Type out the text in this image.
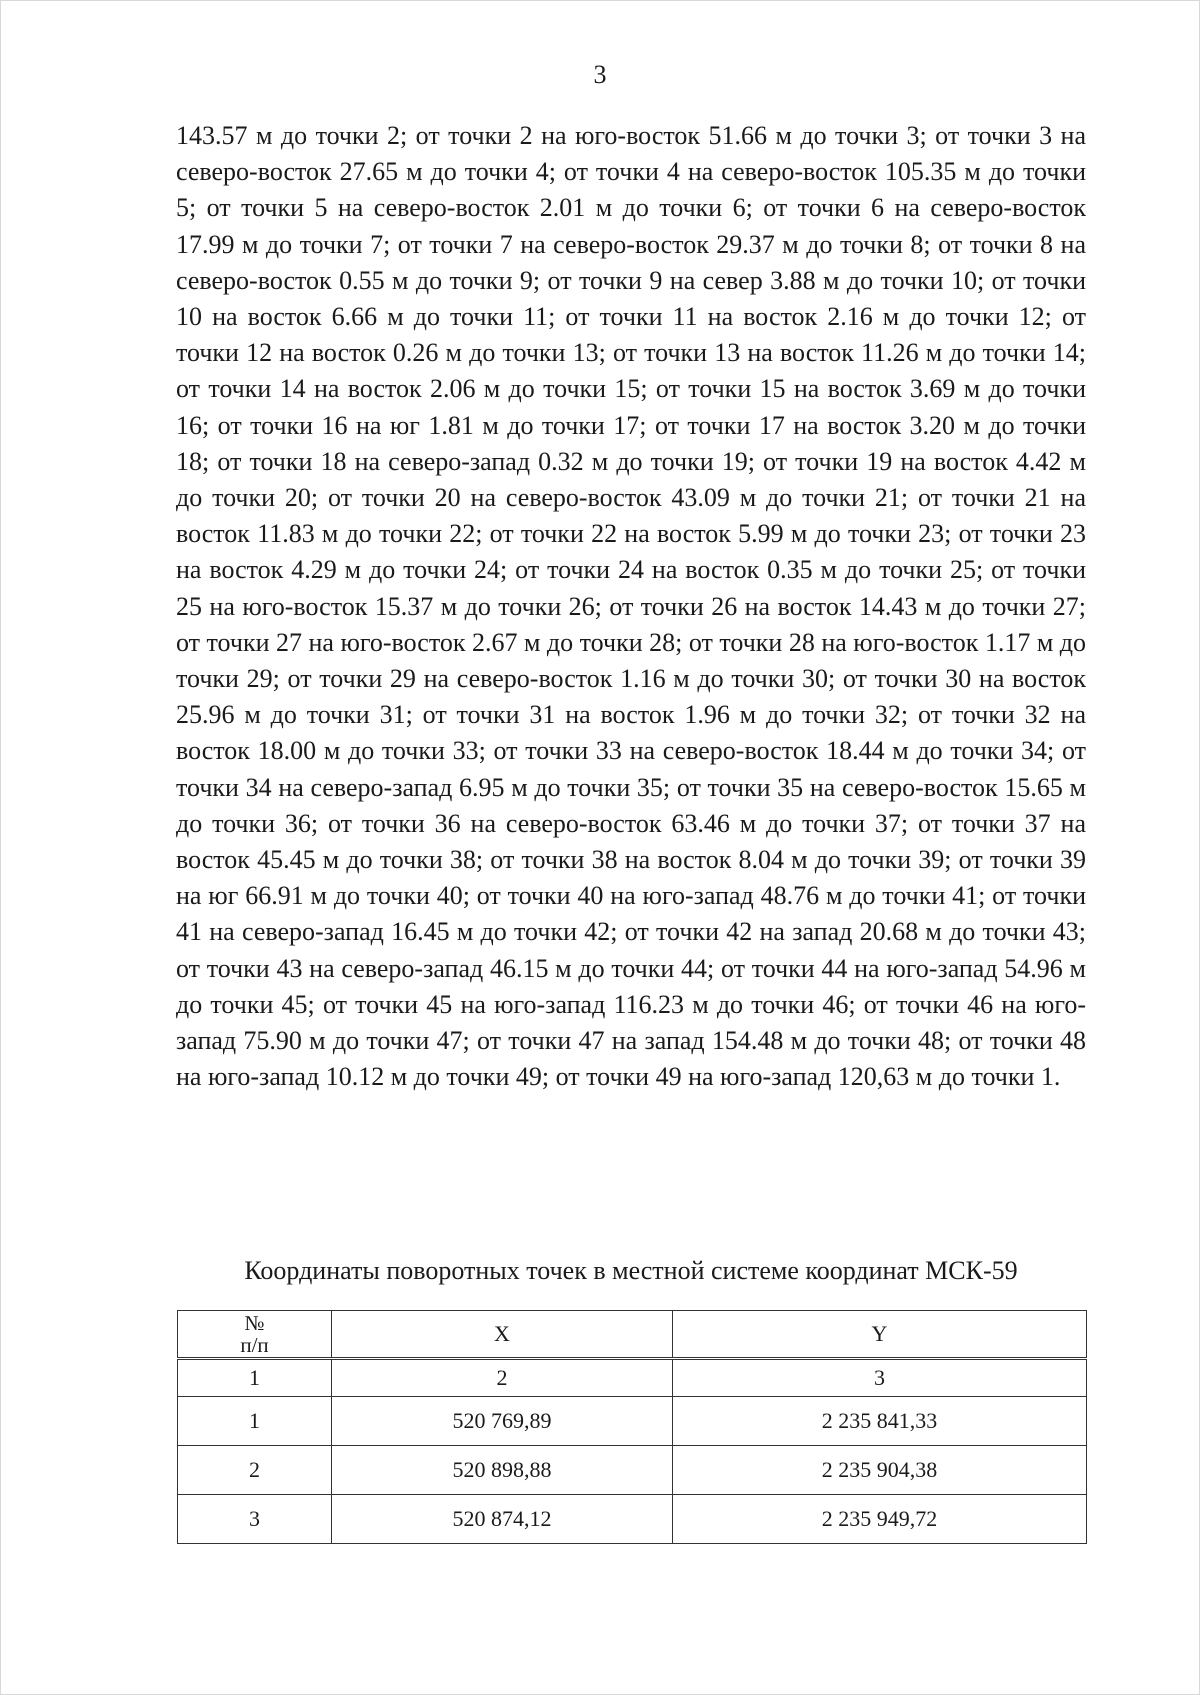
3

143.57 м до точки 2; от точки 2 на юго-восток 51.66 м до точки 3; от точки 3 на северо-восток 27.65 м до точки 4; от точки 4 на северо-восток 105.35 м до точки 5; от точки 5 на северо-восток 2.01 м до точки 6; от точки 6 на северо-восток 17.99 м до точки 7; от точки 7 на северо-восток 29.37 м до точки 8; от точки 8 на северо-восток 0.55 м до точки 9; от точки 9 на север 3.88 м до точки 10; от точки 10 на восток 6.66 м до точки 11; от точки 11 на восток 2.16 м до точки 12; от точки 12 на восток 0.26 м до точки 13; от точки 13 на восток 11.26 м до точки 14; от точки 14 на восток 2.06 м до точки 15; от точки 15 на восток 3.69 м до точки 16; от точки 16 на юг 1.81 м до точки 17; от точки 17 на восток 3.20 м до точки 18; от точки 18 на северо-запад 0.32 м до точки 19; от точки 19 на восток 4.42 м до точки 20; от точки 20 на северо-восток 43.09 м до точки 21; от точки 21 на восток 11.83 м до точки 22; от точки 22 на восток 5.99 м до точки 23; от точки 23 на восток 4.29 м до точки 24; от точки 24 на восток 0.35 м до точки 25; от точки 25 на юго-восток 15.37 м до точки 26; от точки 26 на восток 14.43 м до точки 27; от точки 27 на юго-восток 2.67 м до точки 28; от точки 28 на юго-восток 1.17 м до точки 29; от точки 29 на северо-восток 1.16 м до точки 30; от точки 30 на восток 25.96 м до точки 31; от точки 31 на восток 1.96 м до точки 32; от точки 32 на восток 18.00 м до точки 33; от точки 33 на северо-восток 18.44 м до точки 34; от точки 34 на северо-запад 6.95 м до точки 35; от точки 35 на северо-восток 15.65 м до точки 36; от точки 36 на северо-восток 63.46 м до точки 37; от точки 37 на восток 45.45 м до точки 38; от точки 38 на восток 8.04 м до точки 39; от точки 39 на юг 66.91 м до точки 40; от точки 40 на юго-запад 48.76 м до точки 41; от точки 41 на северо-запад 16.45 м до точки 42; от точки 42 на запад 20.68 м до точки 43; от точки 43 на северо-запад 46.15 м до точки 44; от точки 44 на юго-запад 54.96 м до точки 45; от точки 45 на юго-запад 116.23 м до точки 46; от точки 46 на юго-запад 75.90 м до точки 47; от точки 47 на запад 154.48 м до точки 48; от точки 48 на юго-запад 10.12 м до точки 49; от точки 49 на юго-запад 120,63 м до точки 1.

Координаты поворотных точек в местной системе координат МСК-59
№
п/п	X	Y
1	2	3
1	520 769,89	2 235 841,33
2	520 898,88	2 235 904,38
3	520 874,12	2 235 949,72
